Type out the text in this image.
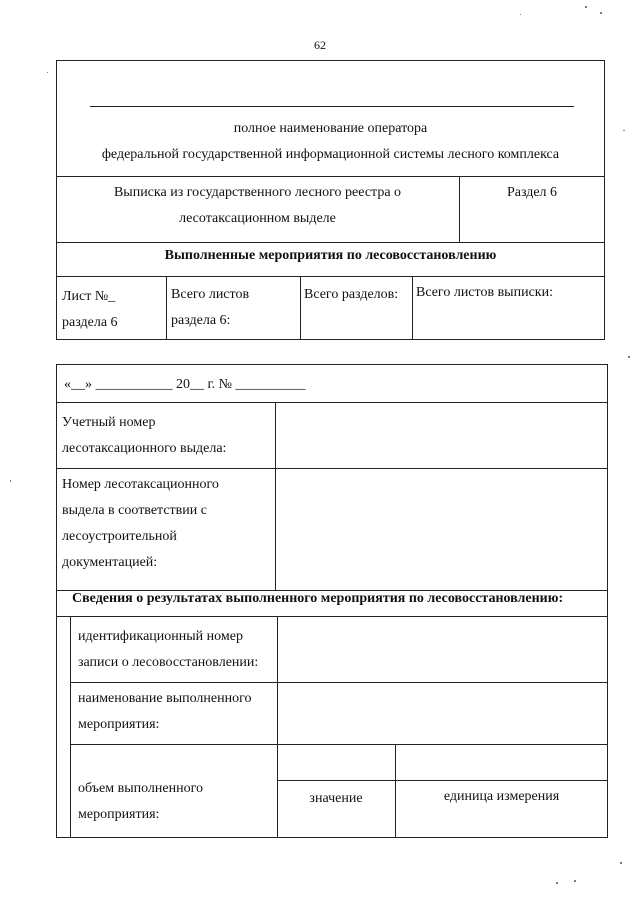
62
полное наименование оператора
федеральной государственной информационной системы лесного комплекса
Выписка из государственного лесного реестра о
лесотаксационном выделе
Раздел 6
Выполненные мероприятия по лесовосстановлению
Лист №_
раздела 6
Всего листов
раздела 6:
Всего разделов: Всего листов выписки:
«__» ___________ 20__ г. № __________
Учетный номер
лесотаксационного выдела:
Номер лесотаксационного
выдела в соответствии с
лесоустроительной
документацией:
Сведения о результатах выполненного мероприятия по лесовосстановлению:
идентификационный номер
записи о лесовосстановлении:
наименование выполненного
мероприятия:
объем выполненного
мероприятия:
значение	единица измерения
